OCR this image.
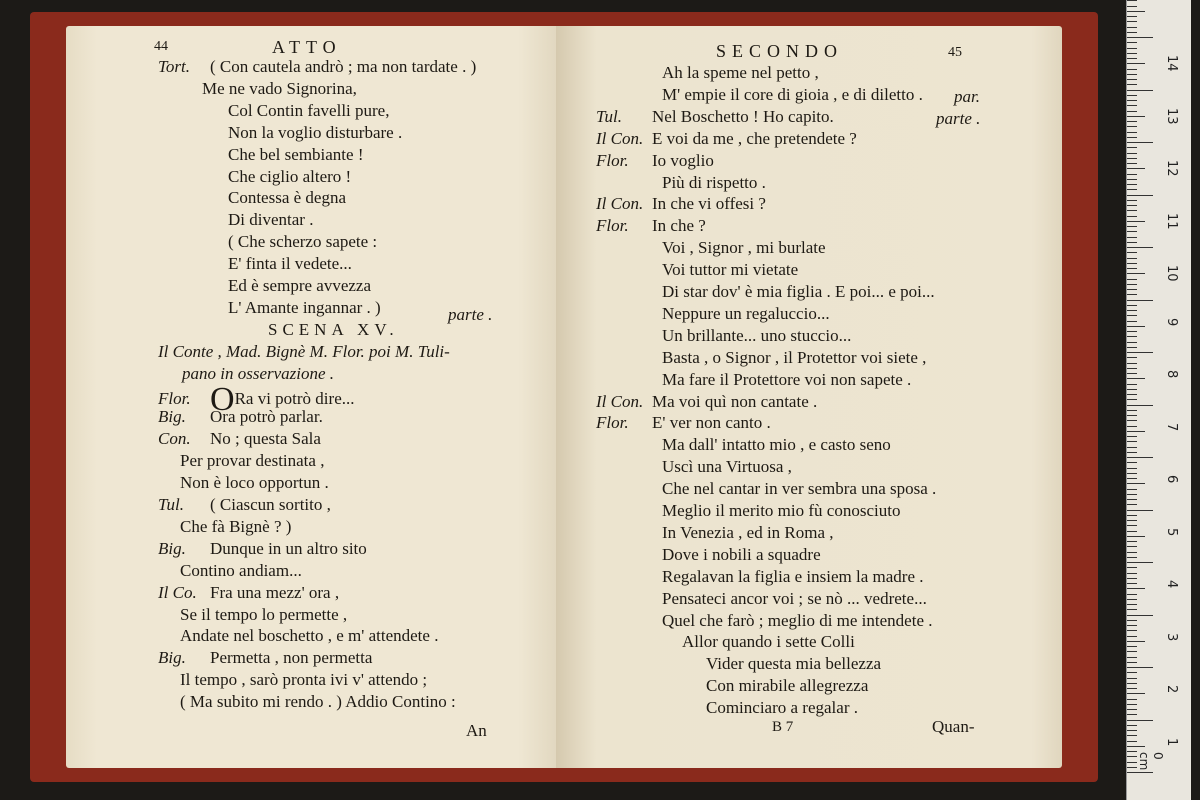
44	ATTO
Tort. ( Con cautela andrò ; ma non tardate . )
Me ne vado Signorina,
Col Contin favelli pure,
Non la voglio disturbare .
Che bel sembiante !
Che ciglio altero !
Contessa è degna
Di diventar .
( Che scherzo sapete :
E' finta il vedete...
Ed è sempre avvezza
L' Amante ingannar . )
SCENA XV.
Il Conte , Mad. Bignè M. Flor. poi M. Tuli-
pano in osservazione .
Flor. ORa vi potrò dire...
Big. Ora potrò parlar.
Con. No ; questa Sala
Per provar destinata ,
Non è loco opportun .
Tul. ( Ciascun sortito ,
Che fà Bignè ? )
Big. Dunque in un altro sito
Contino andiam...
Il Co. Fra una mezz' ora ,
Se il tempo lo permette ,
Andate nel boschetto , e m' attendete .
Big. Permetta , non permetta
Il tempo , sarò pronta ivi v' attendo ;
( Ma subito mi rendo . ) Addio Contino :
parte .
An
SECONDO	45
Ah la speme nel petto ,
M' empie il core di gioia , e di diletto .
Tul. Nel Boschetto ! Ho capito.
Il Con. E voi da me , che pretendete ?
Flor. Io voglio
Più di rispetto .
Il Con. In che vi offesi ?
Flor. In che ?
Voi , Signor , mi burlate
Voi tuttor mi vietate
Di star dov' è mia figlia . E poi... e poi...
Neppure un regaluccio...
Un brillante... uno stuccio...
Basta , o Signor , il Protettor voi siete ,
Ma fare il Protettore voi non sapete .
Il Con. Ma voi quì non cantate .
Flor. E' ver non canto .
Ma dall' intatto mio , e casto seno
Uscì una Virtuosa ,
Che nel cantar in ver sembra una sposa .
Meglio il merito mio fù conosciuto
In Venezia , ed in Roma ,
Dove i nobili a squadre
Regalavan la figlia e insiem la madre .
Pensateci ancor voi ; se nò ... vedrete...
Quel che farò ; meglio di me intendete .
Allor quando i sette Colli
Vider questa mia bellezza
Con mirabile allegrezza
Cominciaro a regalar .
par.
parte .
B 7	Quan-
0 cm
14
13
12
11
10
9
8
7
6
5
4
3
2
1
